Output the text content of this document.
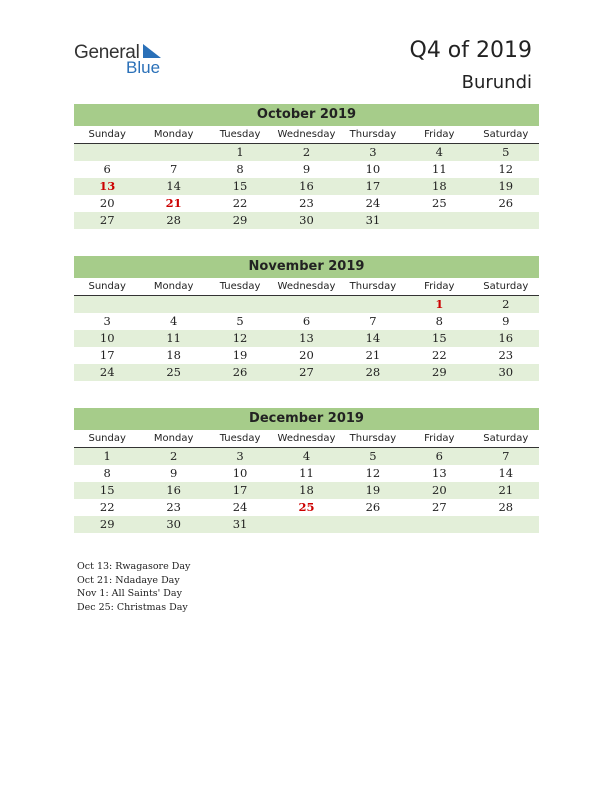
General
Blue
Q4 of 2019
Burundi
October 2019
Sunday	Monday	Tuesday	Wednesday	Thursday	Friday	Saturday
		1	2	3	4	5
6	7	8	9	10	11	12
13	14	15	16	17	18	19
20	21	22	23	24	25	26
27	28	29	30	31		
November 2019
Sunday	Monday	Tuesday	Wednesday	Thursday	Friday	Saturday
					1	2
3	4	5	6	7	8	9
10	11	12	13	14	15	16
17	18	19	20	21	22	23
24	25	26	27	28	29	30
December 2019
Sunday	Monday	Tuesday	Wednesday	Thursday	Friday	Saturday
1	2	3	4	5	6	7
8	9	10	11	12	13	14
15	16	17	18	19	20	21
22	23	24	25	26	27	28
29	30	31				
Oct 13: Rwagasore Day
Oct 21: Ndadaye Day
Nov 1: All Saints' Day
Dec 25: Christmas Day
